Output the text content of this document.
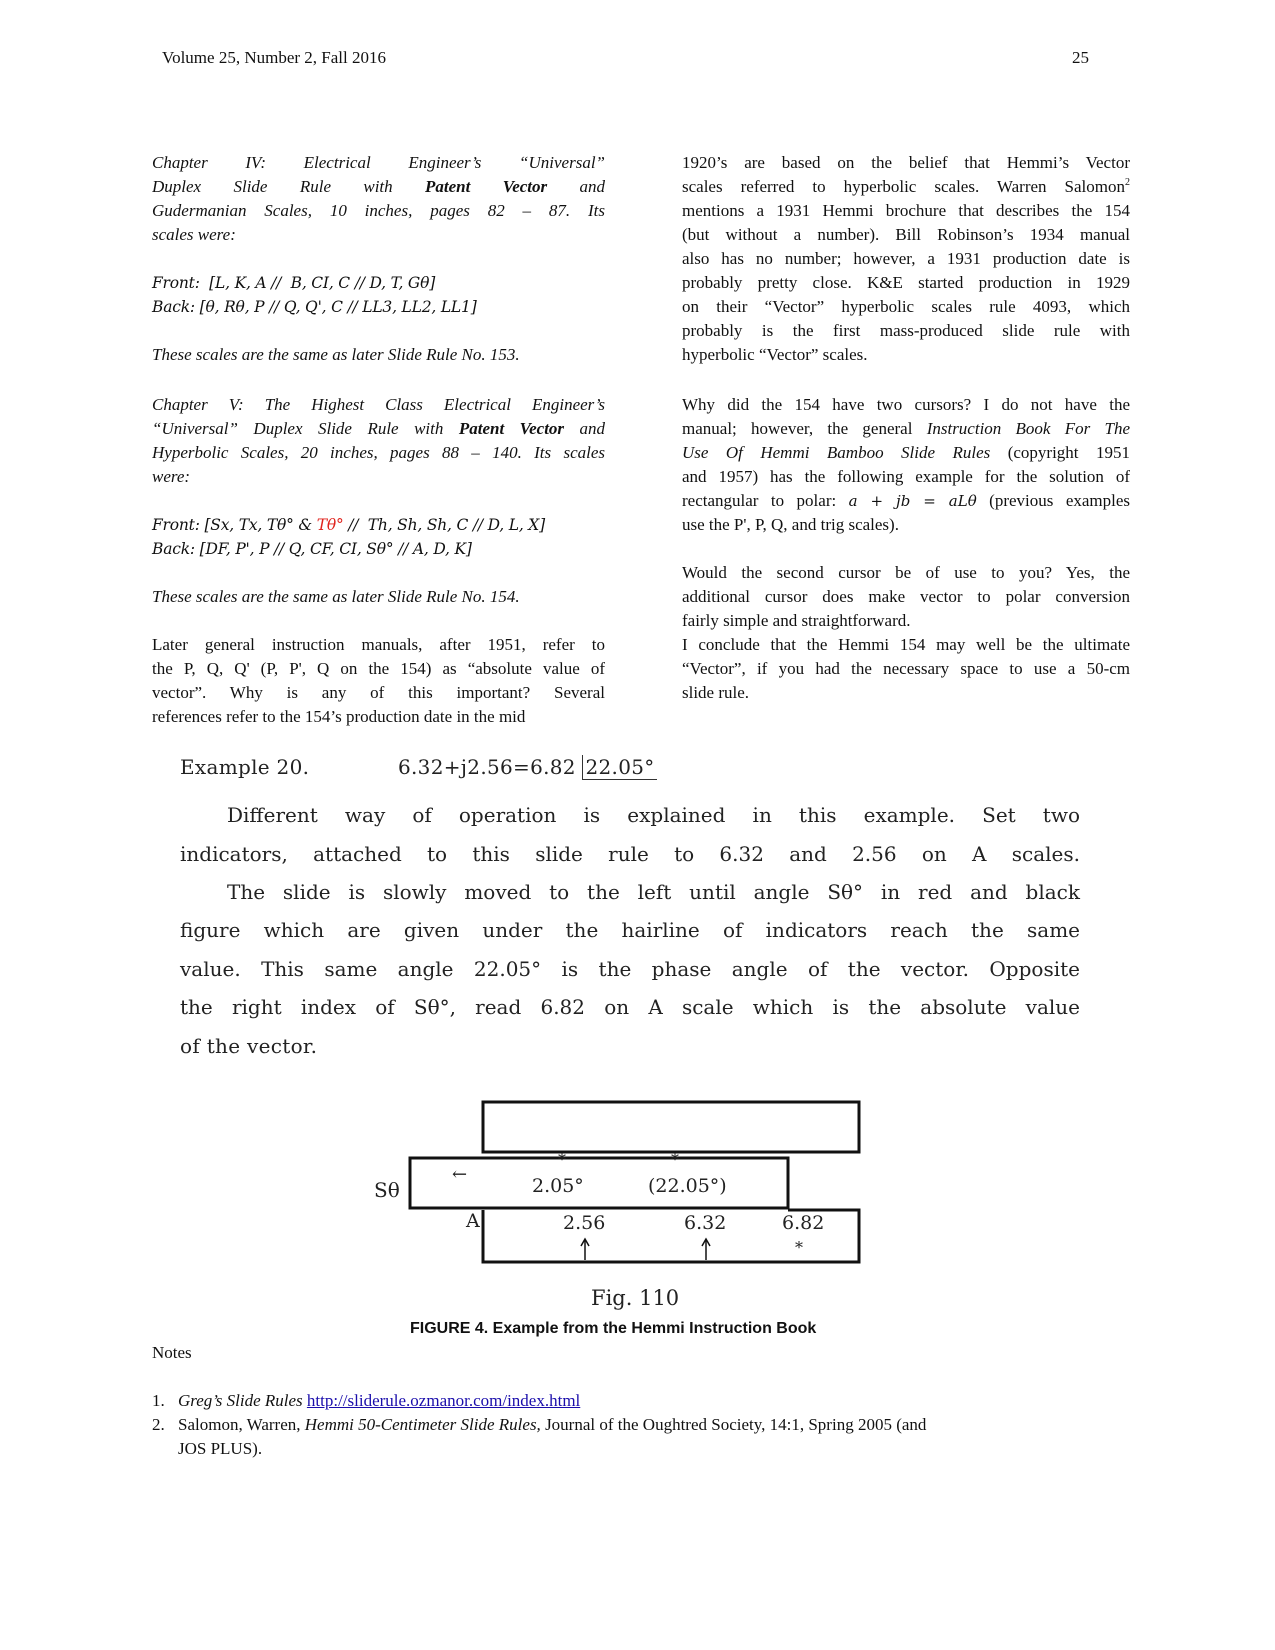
Volume 25, Number 2, Fall 2016	25
Chapter IV: Electrical Engineer’s “Universal”
Duplex Slide Rule with Patent Vector and
Gudermanian Scales, 10 inches, pages 82 – 87. Its
scales were:
Front:  [L, K, A //  B, CI, C // D, T, Gθ]
Back: [θ, Rθ, P // Q, Q', C // LL3, LL2, LL1]
These scales are the same as later Slide Rule No. 153.
Chapter V: The Highest Class Electrical Engineer’s
“Universal” Duplex Slide Rule with Patent Vector and
Hyperbolic Scales, 20 inches, pages 88 – 140. Its scales
were:
Front: [Sx, Tx, Tθ° & Tθ° //  Th, Sh, Sh, C // D, L, X]
Back: [DF, P', P // Q, CF, CI, Sθ° // A, D, K]
These scales are the same as later Slide Rule No. 154.
Later general instruction manuals, after 1951, refer to
the P, Q, Q' (P, P', Q on the 154) as “absolute value of
vector”. Why is any of this important? Several
references refer to the 154’s production date in the mid
1920’s are based on the belief that Hemmi’s Vector
scales referred to hyperbolic scales. Warren Salomon$^2$
mentions a 1931 Hemmi brochure that describes the 154
(but without a number). Bill Robinson’s 1934 manual
also has no number; however, a 1931 production date is
probably pretty close. K&E started production in 1929
on their “Vector” hyperbolic scales rule 4093, which
probably is the first mass-produced slide rule with
hyperbolic “Vector” scales.
Why did the 154 have two cursors? I do not have the
manual; however, the general Instruction Book For The
Use Of Hemmi Bamboo Slide Rules (copyright 1951
and 1957) has the following example for the solution of
rectangular to polar: a + jb = aLθ (previous examples
use the P', P, Q, and trig scales).
Would the second cursor be of use to you? Yes, the
additional cursor does make vector to polar conversion
fairly simple and straightforward.
I conclude that the Hemmi 154 may well be the ultimate
“Vector”, if you had the necessary space to use a 50-cm
slide rule.
Example 20.	6.32+j2.56=6.82 22.05°
Different way of operation is explained in this example. Set two
indicators, attached to this slide rule to 6.32 and 2.56 on A scales.
The slide is slowly moved to the left until angle Sθ° in red and black
figure which are given under the hairline of indicators reach the same
value. This same angle 22.05° is the phase angle of the vector. Opposite
the right index of Sθ°, read 6.82 on A scale which is the absolute value
of the vector.
Sθ
A
←
*
2.05°
*
(22.05°)
2.56	6.32	6.82
*
Fig. 110
FIGURE 4. Example from the Hemmi Instruction Book
Notes
1. Greg’s Slide Rules http://sliderule.ozmanor.com/index.html
2. Salomon, Warren, Hemmi 50-Centimeter Slide Rules, Journal of the Oughtred Society, 14:1, Spring 2005 (and
JOS PLUS).
